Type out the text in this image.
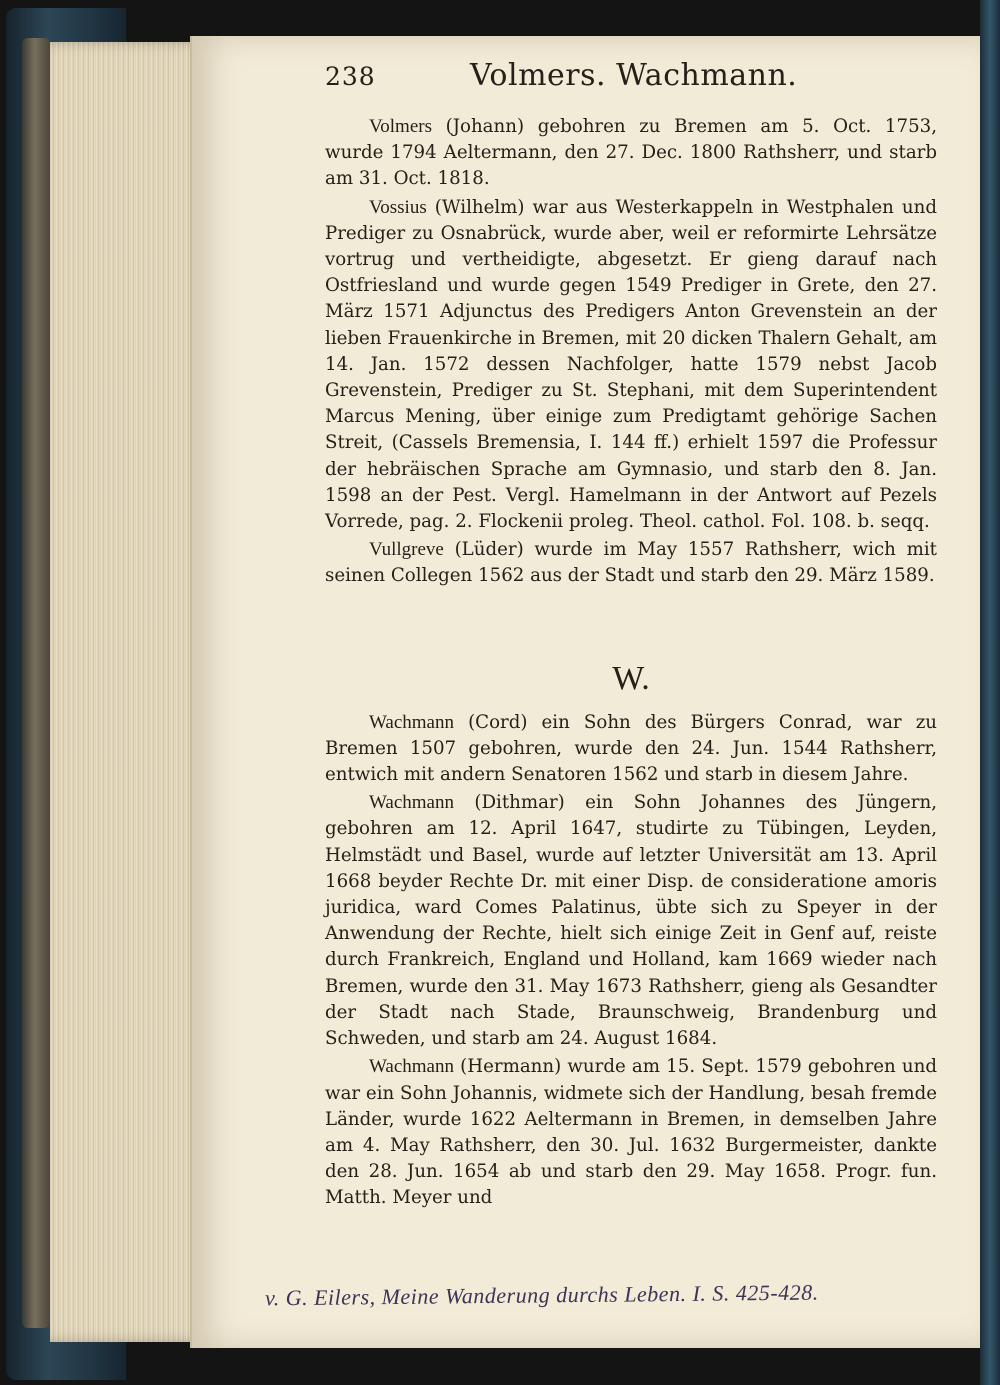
238	Volmers. Wachmann.

Volmers (Johann) gebohren zu Bremen am 5. Oct. 1753, wurde 1794 Aeltermann, den 27. Dec. 1800 Rathsherr, und starb am 31. Oct. 1818.

Vossius (Wilhelm) war aus Westerkappeln in Westphalen und Prediger zu Osnabrück, wurde aber, weil er reformirte Lehrsätze vortrug und vertheidigte, abgesetzt. Er gieng darauf nach Ostfriesland und wurde gegen 1549 Prediger in Grete, den 27. März 1571 Adjunctus des Predigers Anton Grevenstein an der lieben Frauenkirche in Bremen, mit 20 dicken Thalern Gehalt, am 14. Jan. 1572 dessen Nachfolger, hatte 1579 nebst Jacob Grevenstein, Prediger zu St. Stephani, mit dem Superintendent Marcus Mening, über einige zum Predigtamt gehörige Sachen Streit, (Cassels Bremensia, I. 144 ff.) erhielt 1597 die Professur der hebräischen Sprache am Gymnasio, und starb den 8. Jan. 1598 an der Pest. Vergl. Hamelmann in der Antwort auf Pezels Vorrede, pag. 2. Flockenii proleg. Theol. cathol. Fol. 108. b. seqq.

Vullgreve (Lüder) wurde im May 1557 Rathsherr, wich mit seinen Collegen 1562 aus der Stadt und starb den 29. März 1589.

W.

Wachmann (Cord) ein Sohn des Bürgers Conrad, war zu Bremen 1507 gebohren, wurde den 24. Jun. 1544 Rathsherr, entwich mit andern Senatoren 1562 und starb in diesem Jahre.

Wachmann (Dithmar) ein Sohn Johannes des Jüngern, gebohren am 12. April 1647, studirte zu Tübingen, Leyden, Helmstädt und Basel, wurde auf letzter Universität am 13. April 1668 beyder Rechte Dr. mit einer Disp. de consideratione amoris juridica, ward Comes Palatinus, übte sich zu Speyer in der Anwendung der Rechte, hielt sich einige Zeit in Genf auf, reiste durch Frankreich, England und Holland, kam 1669 wieder nach Bremen, wurde den 31. May 1673 Rathsherr, gieng als Gesandter der Stadt nach Stade, Braunschweig, Brandenburg und Schweden, und starb am 24. August 1684.

Wachmann (Hermann) wurde am 15. Sept. 1579 gebohren und war ein Sohn Johannis, widmete sich der Handlung, besah fremde Länder, wurde 1622 Aeltermann in Bremen, in demselben Jahre am 4. May Rathsherr, den 30. Jul. 1632 Burgermeister, dankte den 28. Jun. 1654 ab und starb den 29. May 1658. Progr. fun. Matth. Meyer und

v. G. Eilers, Meine Wanderung durchs Leben. I. S. 425-428.
